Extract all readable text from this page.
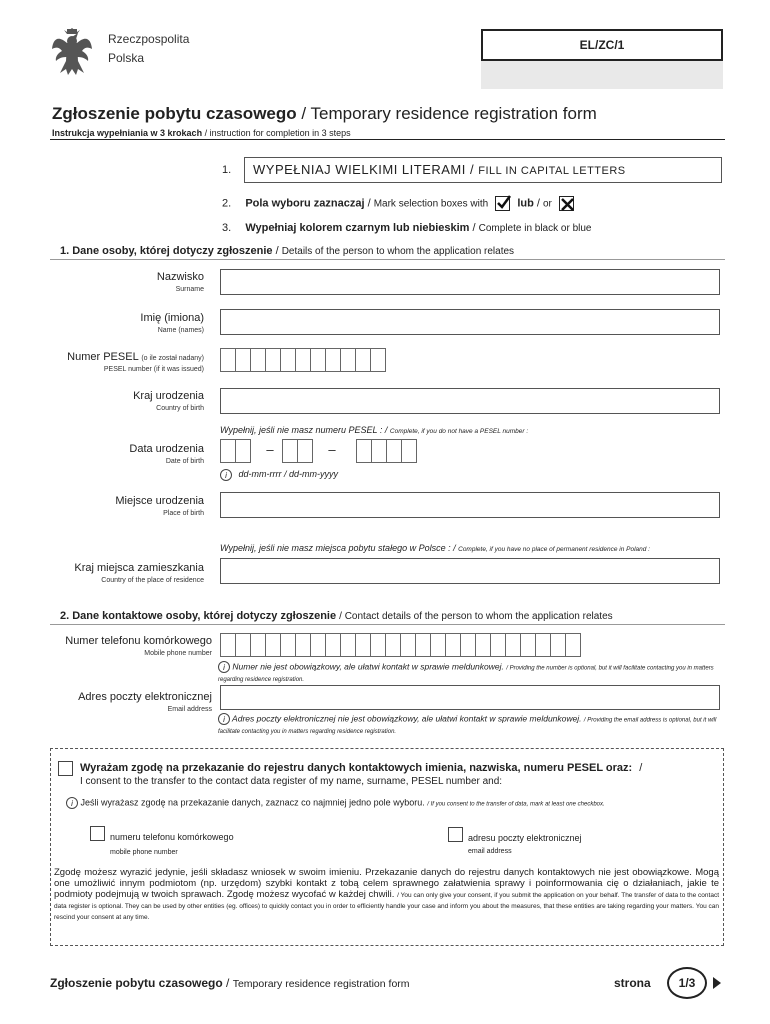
Rzeczpospolita
Polska
EL/ZC/1
Zgłoszenie pobytu czasowego / Temporary residence registration form
Instrukcja wypełniania w 3 krokach / instruction for completion in 3 steps
1.	WYPEŁNIAJ WIELKIMI LITERAMI / FILL IN CAPITAL LETTERS
2. Pola wyboru zaznaczaj / Mark selection boxes with	lub / or
3. Wypełniaj kolorem czarnym lub niebieskim / Complete in black or blue
1. Dane osoby, której dotyczy zgłoszenie / Details of the person to whom the application relates
Nazwisko
Surname
Imię (imiona)
Name (names)
Numer PESEL (o ile został nadany)
PESEL number (if it was issued)
Kraj urodzenia
Country of birth
Wypełnij, jeśli nie masz numeru PESEL : / Complete, if you do not have a PESEL number :
Data urodzenia
Date of birth
–	–
i dd-mm-rrrr / dd-mm-yyyy
Miejsce urodzenia
Place of birth
Wypełnij, jeśli nie masz miejsca pobytu stałego w Polsce : / Complete, if you have no place of permanent residence in Poland :
Kraj miejsca zamieszkania
Country of the place of residence
2. Dane kontaktowe osoby, której dotyczy zgłoszenie / Contact details of the person to whom the application relates
Numer telefonu komórkowego
Mobile phone number
i Numer nie jest obowiązkowy, ale ułatwi kontakt w sprawie meldunkowej. / Providing the number is optional, but it will facilitate contacting you in matters regarding residence registration.
Adres poczty elektronicznej
Email address
i Adres poczty elektronicznej nie jest obowiązkowy, ale ułatwi kontakt w sprawie meldunkowej. / Providing the email address is optional, but it will facilitate contacting you in matters regarding residence registration.
Wyrażam zgodę na przekazanie do rejestru danych kontaktowych imienia, nazwiska, numeru PESEL oraz: /
I consent to the transfer to the contact data register of my name, surname, PESEL number and:
i Jeśli wyrażasz zgodę na przekazanie danych, zaznacz co najmniej jedno pole wyboru. / If you consent to the transfer of data, mark at least one checkbox.
numeru telefonu komórkowego
mobile phone number
adresu poczty elektronicznej
email address
Zgodę możesz wyrazić jedynie, jeśli składasz wniosek w swoim imieniu. Przekazanie danych do rejestru danych kontaktowych nie jest obowiązkowe. Mogą one umożliwić innym podmiotom (np. urzędom) szybki kontakt z tobą celem sprawnego załatwienia sprawy i poinformowania cię o działaniach, jakie te podmioty podejmują w twoich sprawach. Zgodę możesz wycofać w każdej chwili. / You can only give your consent, if you submit the application on your behalf. The transfer of data to the contact data register is optional. They can be used by other entities (eg. offices) to quickly contact you in order to efficiently handle your case and inform you about the measures, that these entities are taking regarding your matters. You can rescind your consent at any time.
Zgłoszenie pobytu czasowego / Temporary residence registration form	strona	1/3
